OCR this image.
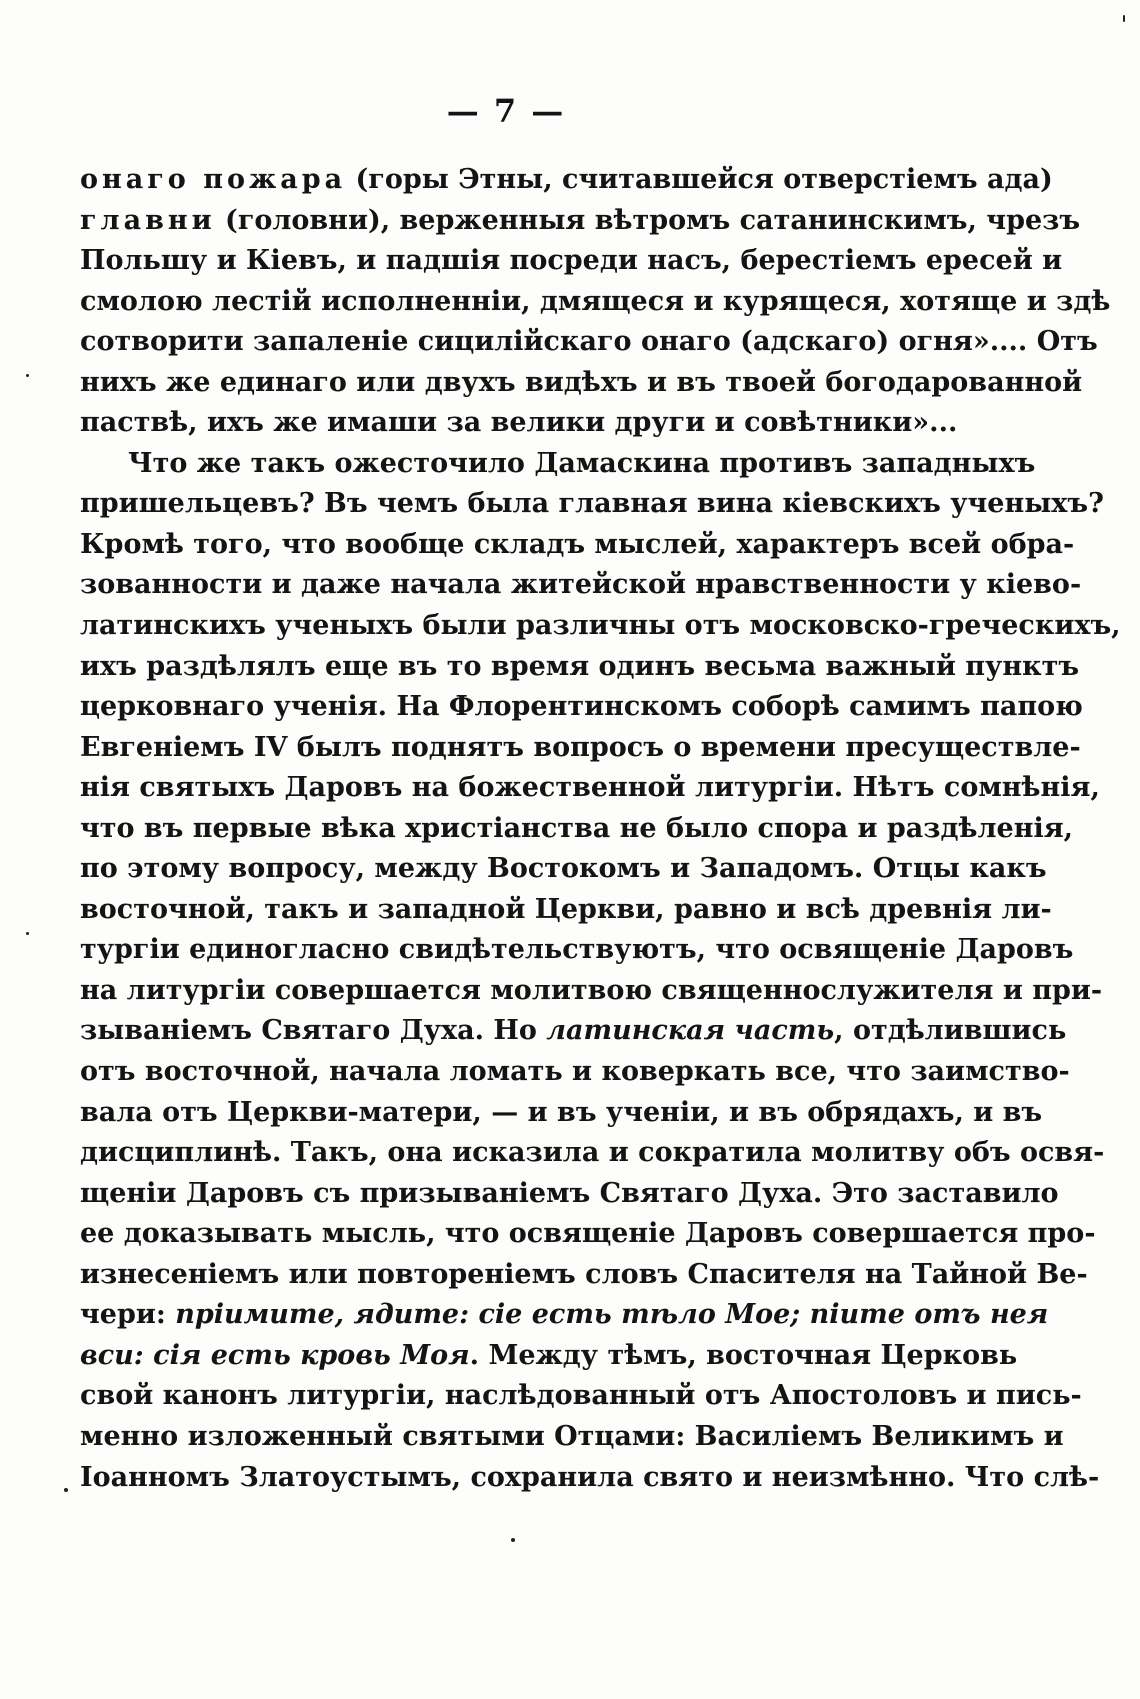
— 7 —
онаго пожара (горы Этны, считавшейся отверстіемъ ада)
главни (головни), верженныя вѣтромъ сатанинскимъ, чрезъ
Польшу и Кіевъ, и падшія посреди насъ, берестіемъ ересей и
смолою лестій исполненніи, дмящеся и курящеся, хотяще и здѣ
сотворити запаленіе сицилійскаго онаго (адскаго) огня».... Отъ
нихъ же единаго или двухъ видѣхъ и въ твоей богодарованной
паствѣ, ихъ же имаши за велики други и совѣтники»...
Что же такъ ожесточило Дамаскина противъ западныхъ
пришельцевъ? Въ чемъ была главная вина кіевскихъ ученыхъ?
Кромѣ того, что вообще складъ мыслей, характеръ всей обра-
зованности и даже начала житейской нравственности у кіево-
латинскихъ ученыхъ были различны отъ московско-греческихъ,
ихъ раздѣлялъ еще въ то время одинъ весьма важный пунктъ
церковнаго ученія. На Флорентинскомъ соборѣ самимъ папою
Евгеніемъ IV былъ поднятъ вопросъ о времени пресуществле-
нія святыхъ Даровъ на божественной литургіи. Нѣтъ сомнѣнія,
что въ первые вѣка христіанства не было спора и раздѣленія,
по этому вопросу, между Востокомъ и Западомъ. Отцы какъ
восточной, такъ и западной Церкви, равно и всѣ древнія ли-
тургіи единогласно свидѣтельствуютъ, что освященіе Даровъ
на литургіи совершается молитвою священнослужителя и при-
зываніемъ Святаго Духа. Но латинская часть, отдѣлившись
отъ восточной, начала ломать и коверкать все, что заимство-
вала отъ Церкви-матери, — и въ ученіи, и въ обрядахъ, и въ
дисциплинѣ. Такъ, она исказила и сократила молитву объ освя-
щеніи Даровъ съ призываніемъ Святаго Духа. Это заставило
ее доказывать мысль, что освященіе Даровъ совершается про-
изнесеніемъ или повтореніемъ словъ Спасителя на Тайной Ве-
чери: пріимите, ядите: сіе есть тѣло Мое; піите отъ нея
вси: сія есть кровь Моя. Между тѣмъ, восточная Церковь
свой канонъ литургіи, наслѣдованный отъ Апостоловъ и пись-
менно изложенный святыми Отцами: Василіемъ Великимъ и
Іоанномъ Златоустымъ, сохранила свято и неизмѣнно. Что слѣ-
